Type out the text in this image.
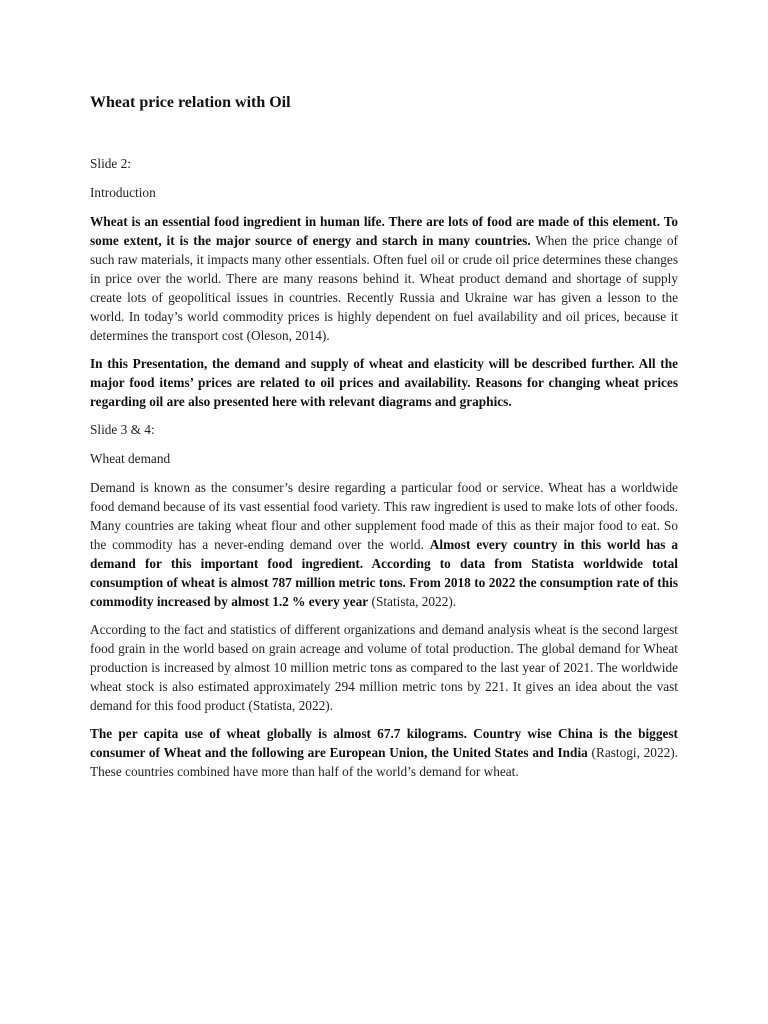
Wheat price relation with Oil

Slide 2:

Introduction

Wheat is an essential food ingredient in human life. There are lots of food are made of this element. To some extent, it is the major source of energy and starch in many countries. When the price change of such raw materials, it impacts many other essentials. Often fuel oil or crude oil price determines these changes in price over the world. There are many reasons behind it. Wheat product demand and shortage of supply create lots of geopolitical issues in countries. Recently Russia and Ukraine war has given a lesson to the world. In today’s world commodity prices is highly dependent on fuel availability and oil prices, because it determines the transport cost (Oleson, 2014).

In this Presentation, the demand and supply of wheat and elasticity will be described further. All the major food items’ prices are related to oil prices and availability. Reasons for changing wheat prices regarding oil are also presented here with relevant diagrams and graphics.

Slide 3 & 4:

Wheat demand

Demand is known as the consumer’s desire regarding a particular food or service. Wheat has a worldwide food demand because of its vast essential food variety. This raw ingredient is used to make lots of other foods. Many countries are taking wheat flour and other supplement food made of this as their major food to eat. So the commodity has a never-ending demand over the world. Almost every country in this world has a demand for this important food ingredient. According to data from Statista worldwide total consumption of wheat is almost 787 million metric tons. From 2018 to 2022 the consumption rate of this commodity increased by almost 1.2 % every year (Statista, 2022).

According to the fact and statistics of different organizations and demand analysis wheat is the second largest food grain in the world based on grain acreage and volume of total production. The global demand for Wheat production is increased by almost 10 million metric tons as compared to the last year of 2021. The worldwide wheat stock is also estimated approximately 294 million metric tons by 221. It gives an idea about the vast demand for this food product (Statista, 2022).

The per capita use of wheat globally is almost 67.7 kilograms. Country wise China is the biggest consumer of Wheat and the following are European Union, the United States and India (Rastogi, 2022). These countries combined have more than half of the world’s demand for wheat.
